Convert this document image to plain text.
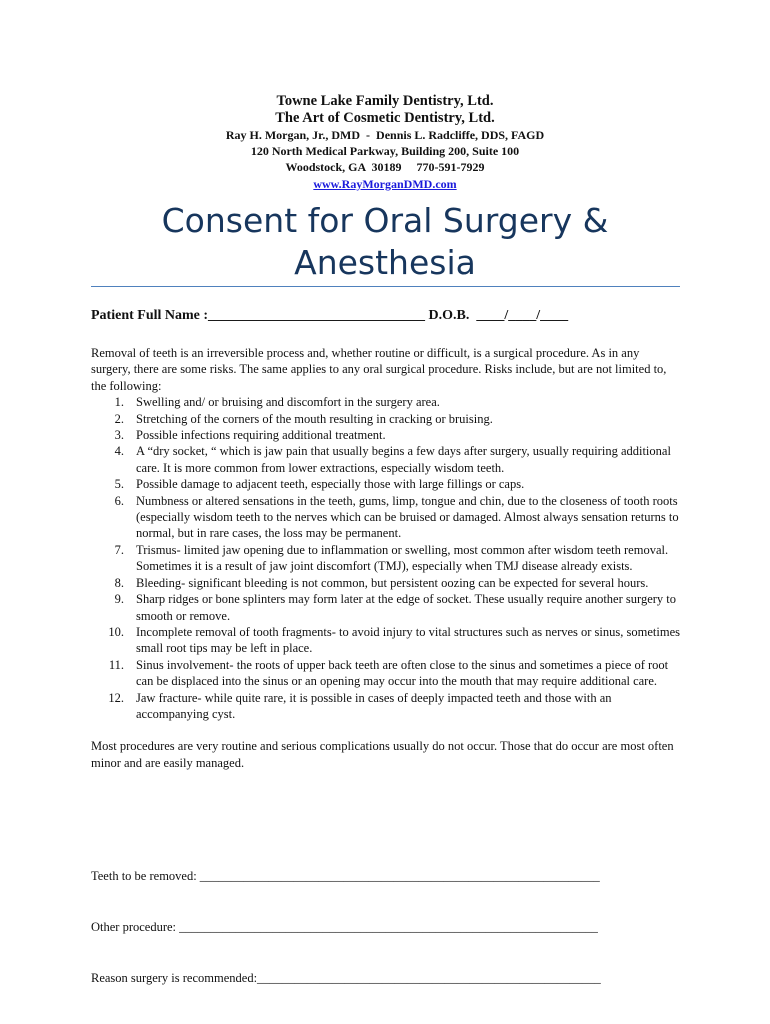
Towne Lake Family Dentistry, Ltd.
The Art of Cosmetic Dentistry, Ltd.
Ray H. Morgan, Jr., DMD  -  Dennis L. Radcliffe, DDS, FAGD
120 North Medical Parkway, Building 200, Suite 100
Woodstock, GA  30189     770-591-7929
www.RayMorganDMD.com
Consent for Oral Surgery &
Anesthesia
Patient Full Name :_______________________________ D.O.B. ____/____/____

Removal of teeth is an irreversible process and, whether routine or difficult, is a surgical procedure. As in any surgery, there are some risks. The same applies to any oral surgical procedure. Risks include, but are not limited to, the following:

1. Swelling and/ or bruising and discomfort in the surgery area.
2. Stretching of the corners of the mouth resulting in cracking or bruising.
3. Possible infections requiring additional treatment.
4. A “dry socket, “ which is jaw pain that usually begins a few days after surgery, usually requiring additional care. It is more common from lower extractions, especially wisdom teeth.
5. Possible damage to adjacent teeth, especially those with large fillings or caps.
6. Numbness or altered sensations in the teeth, gums, limp, tongue and chin, due to the closeness of tooth roots (especially wisdom teeth to the nerves which can be bruised or damaged. Almost always sensation returns to normal, but in rare cases, the loss may be permanent.
7. Trismus- limited jaw opening due to inflammation or swelling, most common after wisdom teeth removal. Sometimes it is a result of jaw joint discomfort (TMJ), especially when TMJ disease already exists.
8. Bleeding- significant bleeding is not common, but persistent oozing can be expected for several hours.
9. Sharp ridges or bone splinters may form later at the edge of socket. These usually require another surgery to smooth or remove.
10. Incomplete removal of tooth fragments- to avoid injury to vital structures such as nerves or sinus, sometimes small root tips may be left in place.
11. Sinus involvement- the roots of upper back teeth are often close to the sinus and sometimes a piece of root can be displaced into the sinus or an opening may occur into the mouth that may require additional care.
12. Jaw fracture- while quite rare, it is possible in cases of deeply impacted teeth and those with an accompanying cyst.

Most procedures are very routine and serious complications usually do not occur. Those that do occur are most often minor and are easily managed.

Teeth to be removed: ________________________________________________________________

Other procedure: ___________________________________________________________________

Reason surgery is recommended:_______________________________________________________
